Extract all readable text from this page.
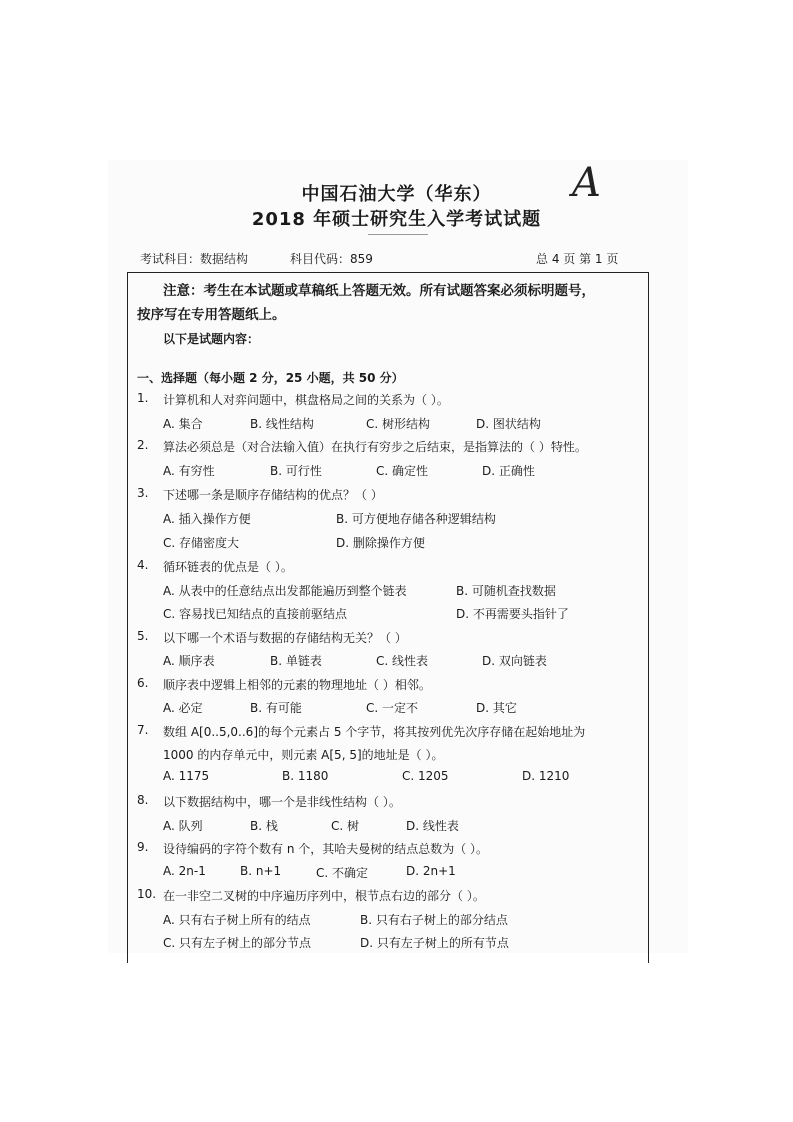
中国石油大学（华东）
2018 年硕士研究生入学考试试题
A
考试科目：数据结构	科目代码：859	总 4 页 第 1 页
注意：考生在本试题或草稿纸上答题无效。所有试题答案必须标明题号，
按序写在专用答题纸上。
以下是试题内容：
一、选择题（每小题 2 分，25 小题，共 50 分）
1. 计算机和人对弈问题中，棋盘格局之间的关系为（ ）。
A. 集合	B. 线性结构	C. 树形结构	D. 图状结构
2. 算法必须总是（对合法输入值）在执行有穷步之后结束，是指算法的（ ）特性。
A. 有穷性	B. 可行性	C. 确定性	D. 正确性
3. 下述哪一条是顺序存储结构的优点？（ ）
A. 插入操作方便	B. 可方便地存储各种逻辑结构
C. 存储密度大	D. 删除操作方便
4. 循环链表的优点是（ ）。
A. 从表中的任意结点出发都能遍历到整个链表	B. 可随机查找数据
C. 容易找已知结点的直接前驱结点	D. 不再需要头指针了
5. 以下哪一个术语与数据的存储结构无关？（ ）
A. 顺序表	B. 单链表	C. 线性表	D. 双向链表
6. 顺序表中逻辑上相邻的元素的物理地址（ ）相邻。
A. 必定	B. 有可能	C. 一定不	D. 其它
7. 数组 A[0..5,0..6]的每个元素占 5 个字节，将其按列优先次序存储在起始地址为
1000 的内存单元中，则元素 A[5, 5]的地址是（ ）。
A. 1175	B. 1180	C. 1205	D. 1210
8. 以下数据结构中，哪一个是非线性结构（ ）。
A. 队列	B. 栈	C. 树	D. 线性表
9. 设待编码的字符个数有 n 个，其哈夫曼树的结点总数为（ ）。
A. 2n-1	B. n+1	C. 不确定	D. 2n+1
10. 在一非空二叉树的中序遍历序列中，根节点右边的部分（ ）。
A. 只有右子树上所有的结点	B. 只有右子树上的部分结点
C. 只有左子树上的部分节点	D. 只有左子树上的所有节点
